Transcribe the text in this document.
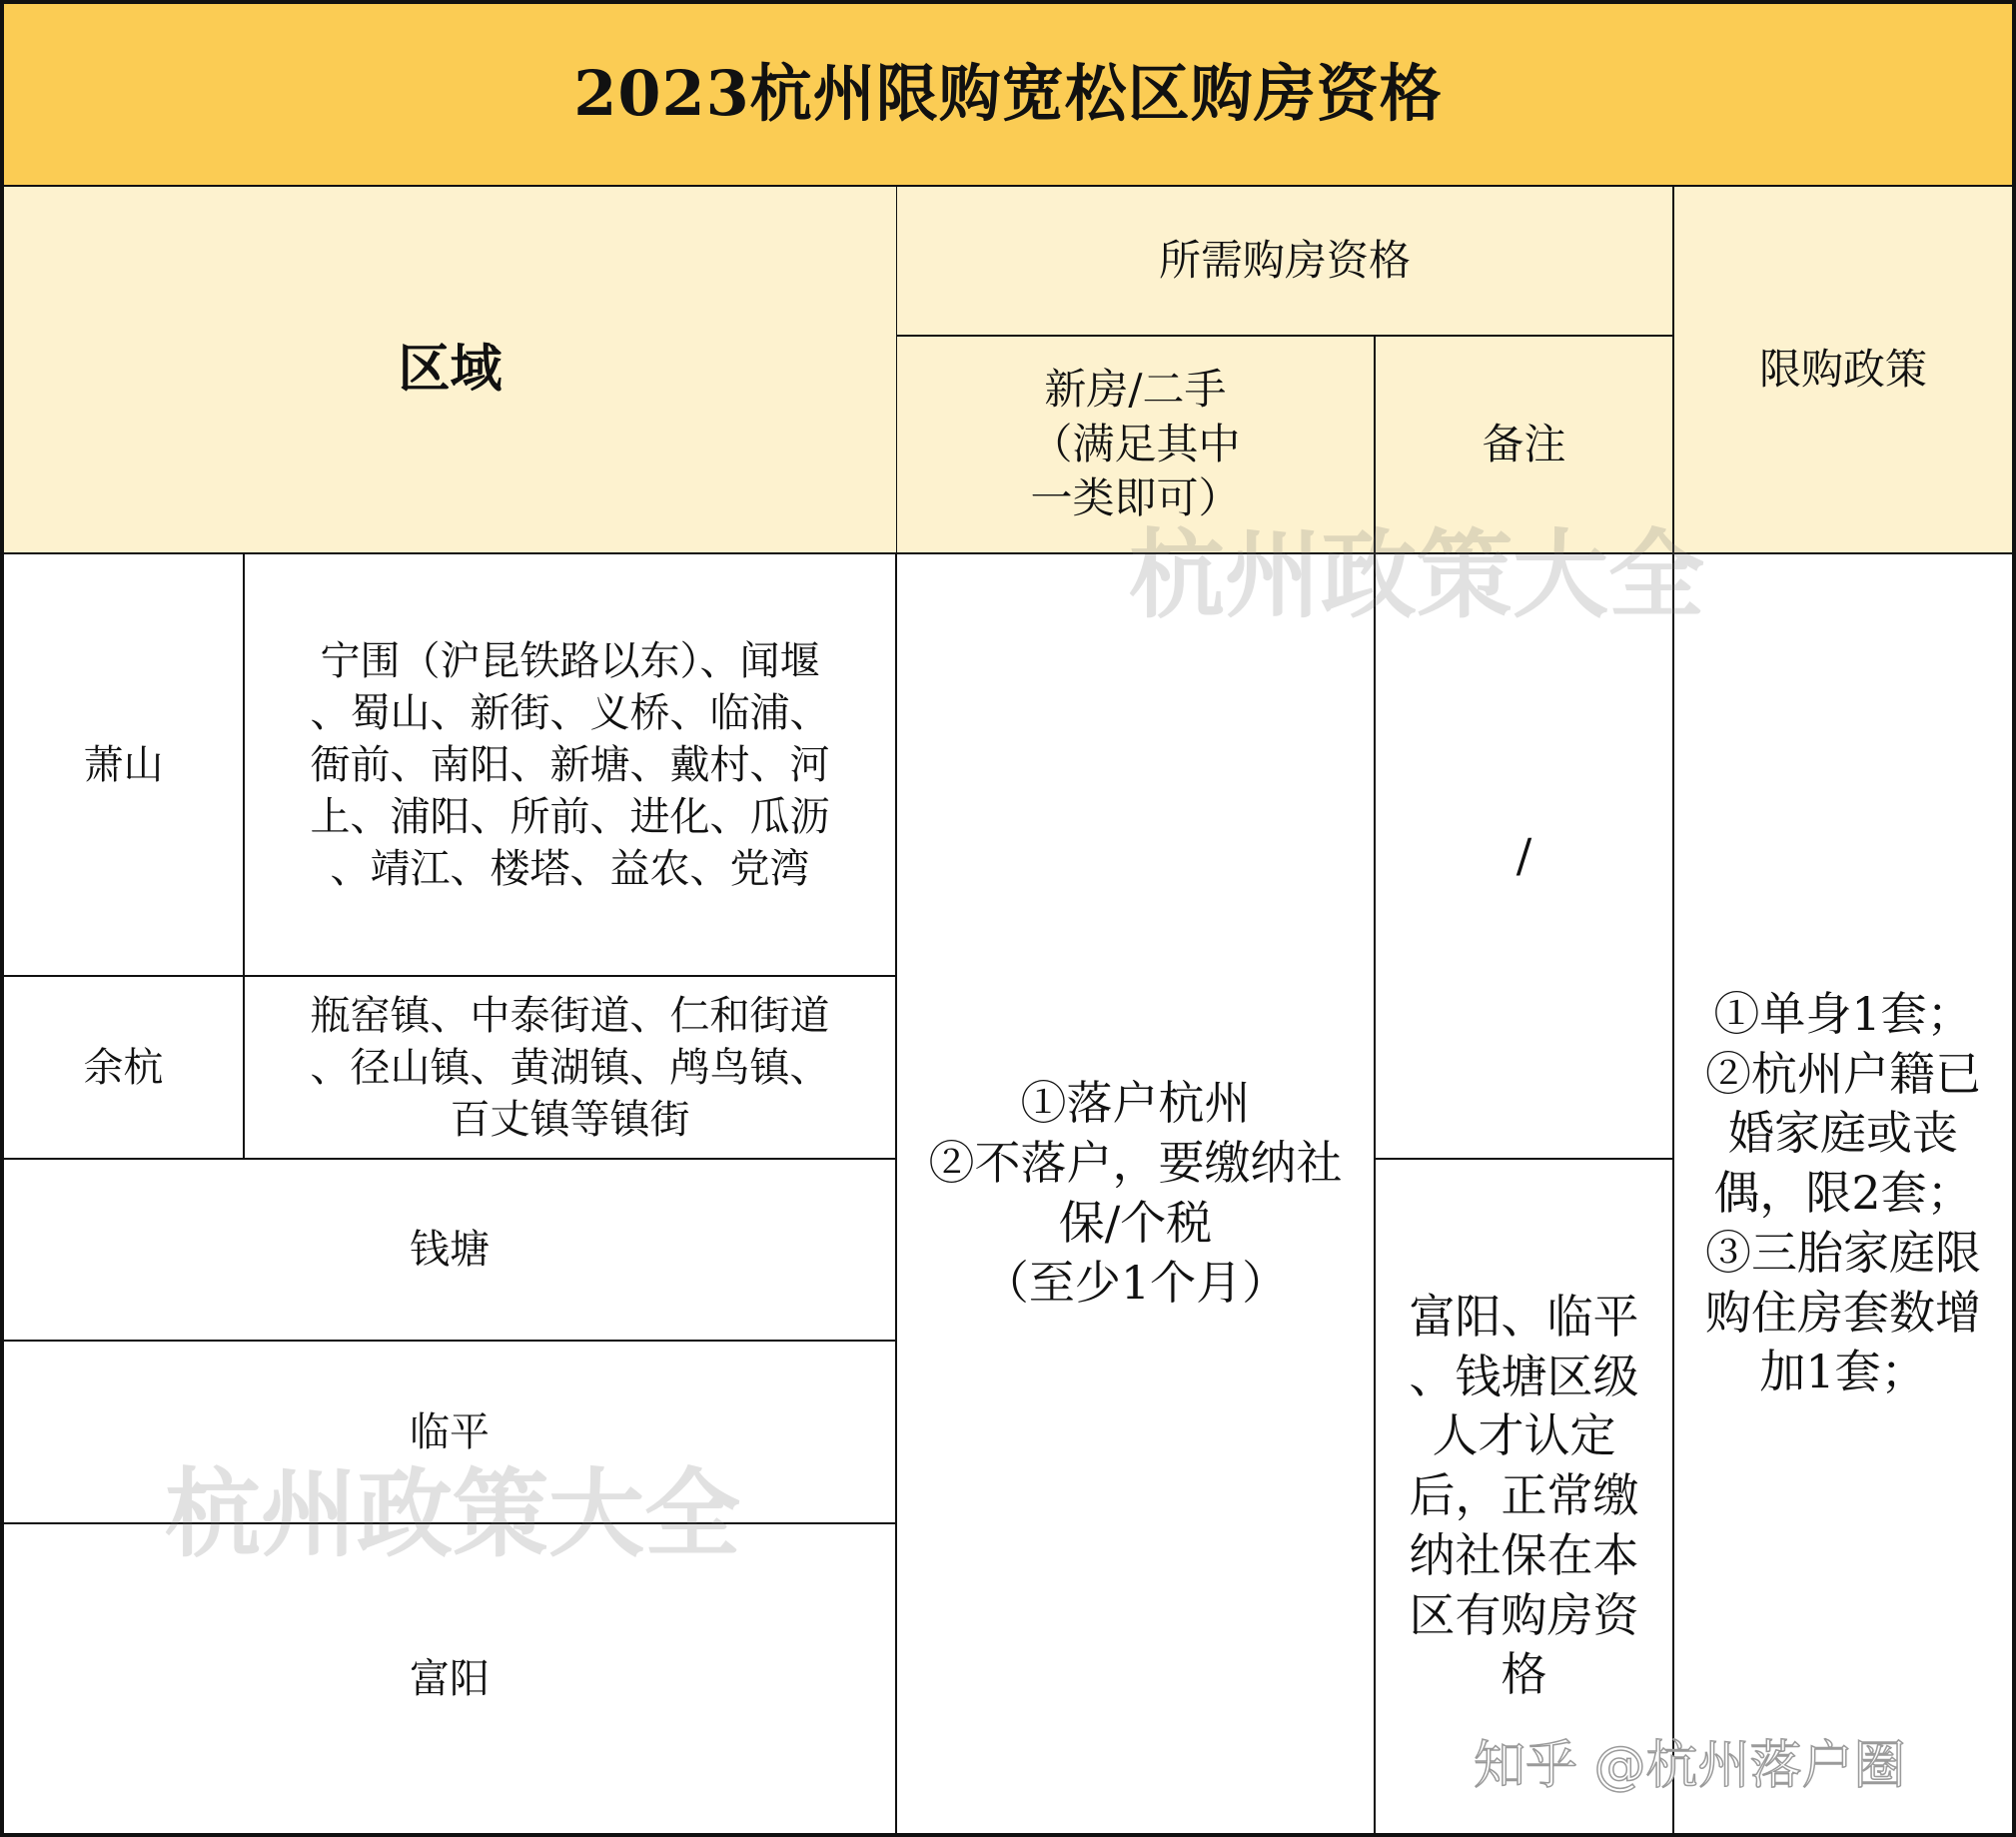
2023杭州限购宽松区购房资格
区域
所需购房资格
新房/二手
（满足其中
一类即可）
备注
限购政策
萧山
宁围（沪昆铁路以东）、闻堰
、蜀山、新街、义桥、临浦、
衙前、南阳、新塘、戴村、河
上、浦阳、所前、进化、瓜沥
、靖江、楼塔、益农、党湾
余杭
瓶窑镇、中泰街道、仁和街道
、径山镇、黄湖镇、鸬鸟镇、
百丈镇等镇街
钱塘
临平
富阳
①落户杭州
②不落户，要缴纳社
保/个税
（至少1个月）
/
富阳、临平
、钱塘区级
人才认定
后，正常缴
纳社保在本
区有购房资
格
①单身1套；
②杭州户籍已
婚家庭或丧
偶，限2套；
③三胎家庭限
购住房套数增
加1套；
杭州政策大全
杭州政策大全
知乎 @杭州落户圈
